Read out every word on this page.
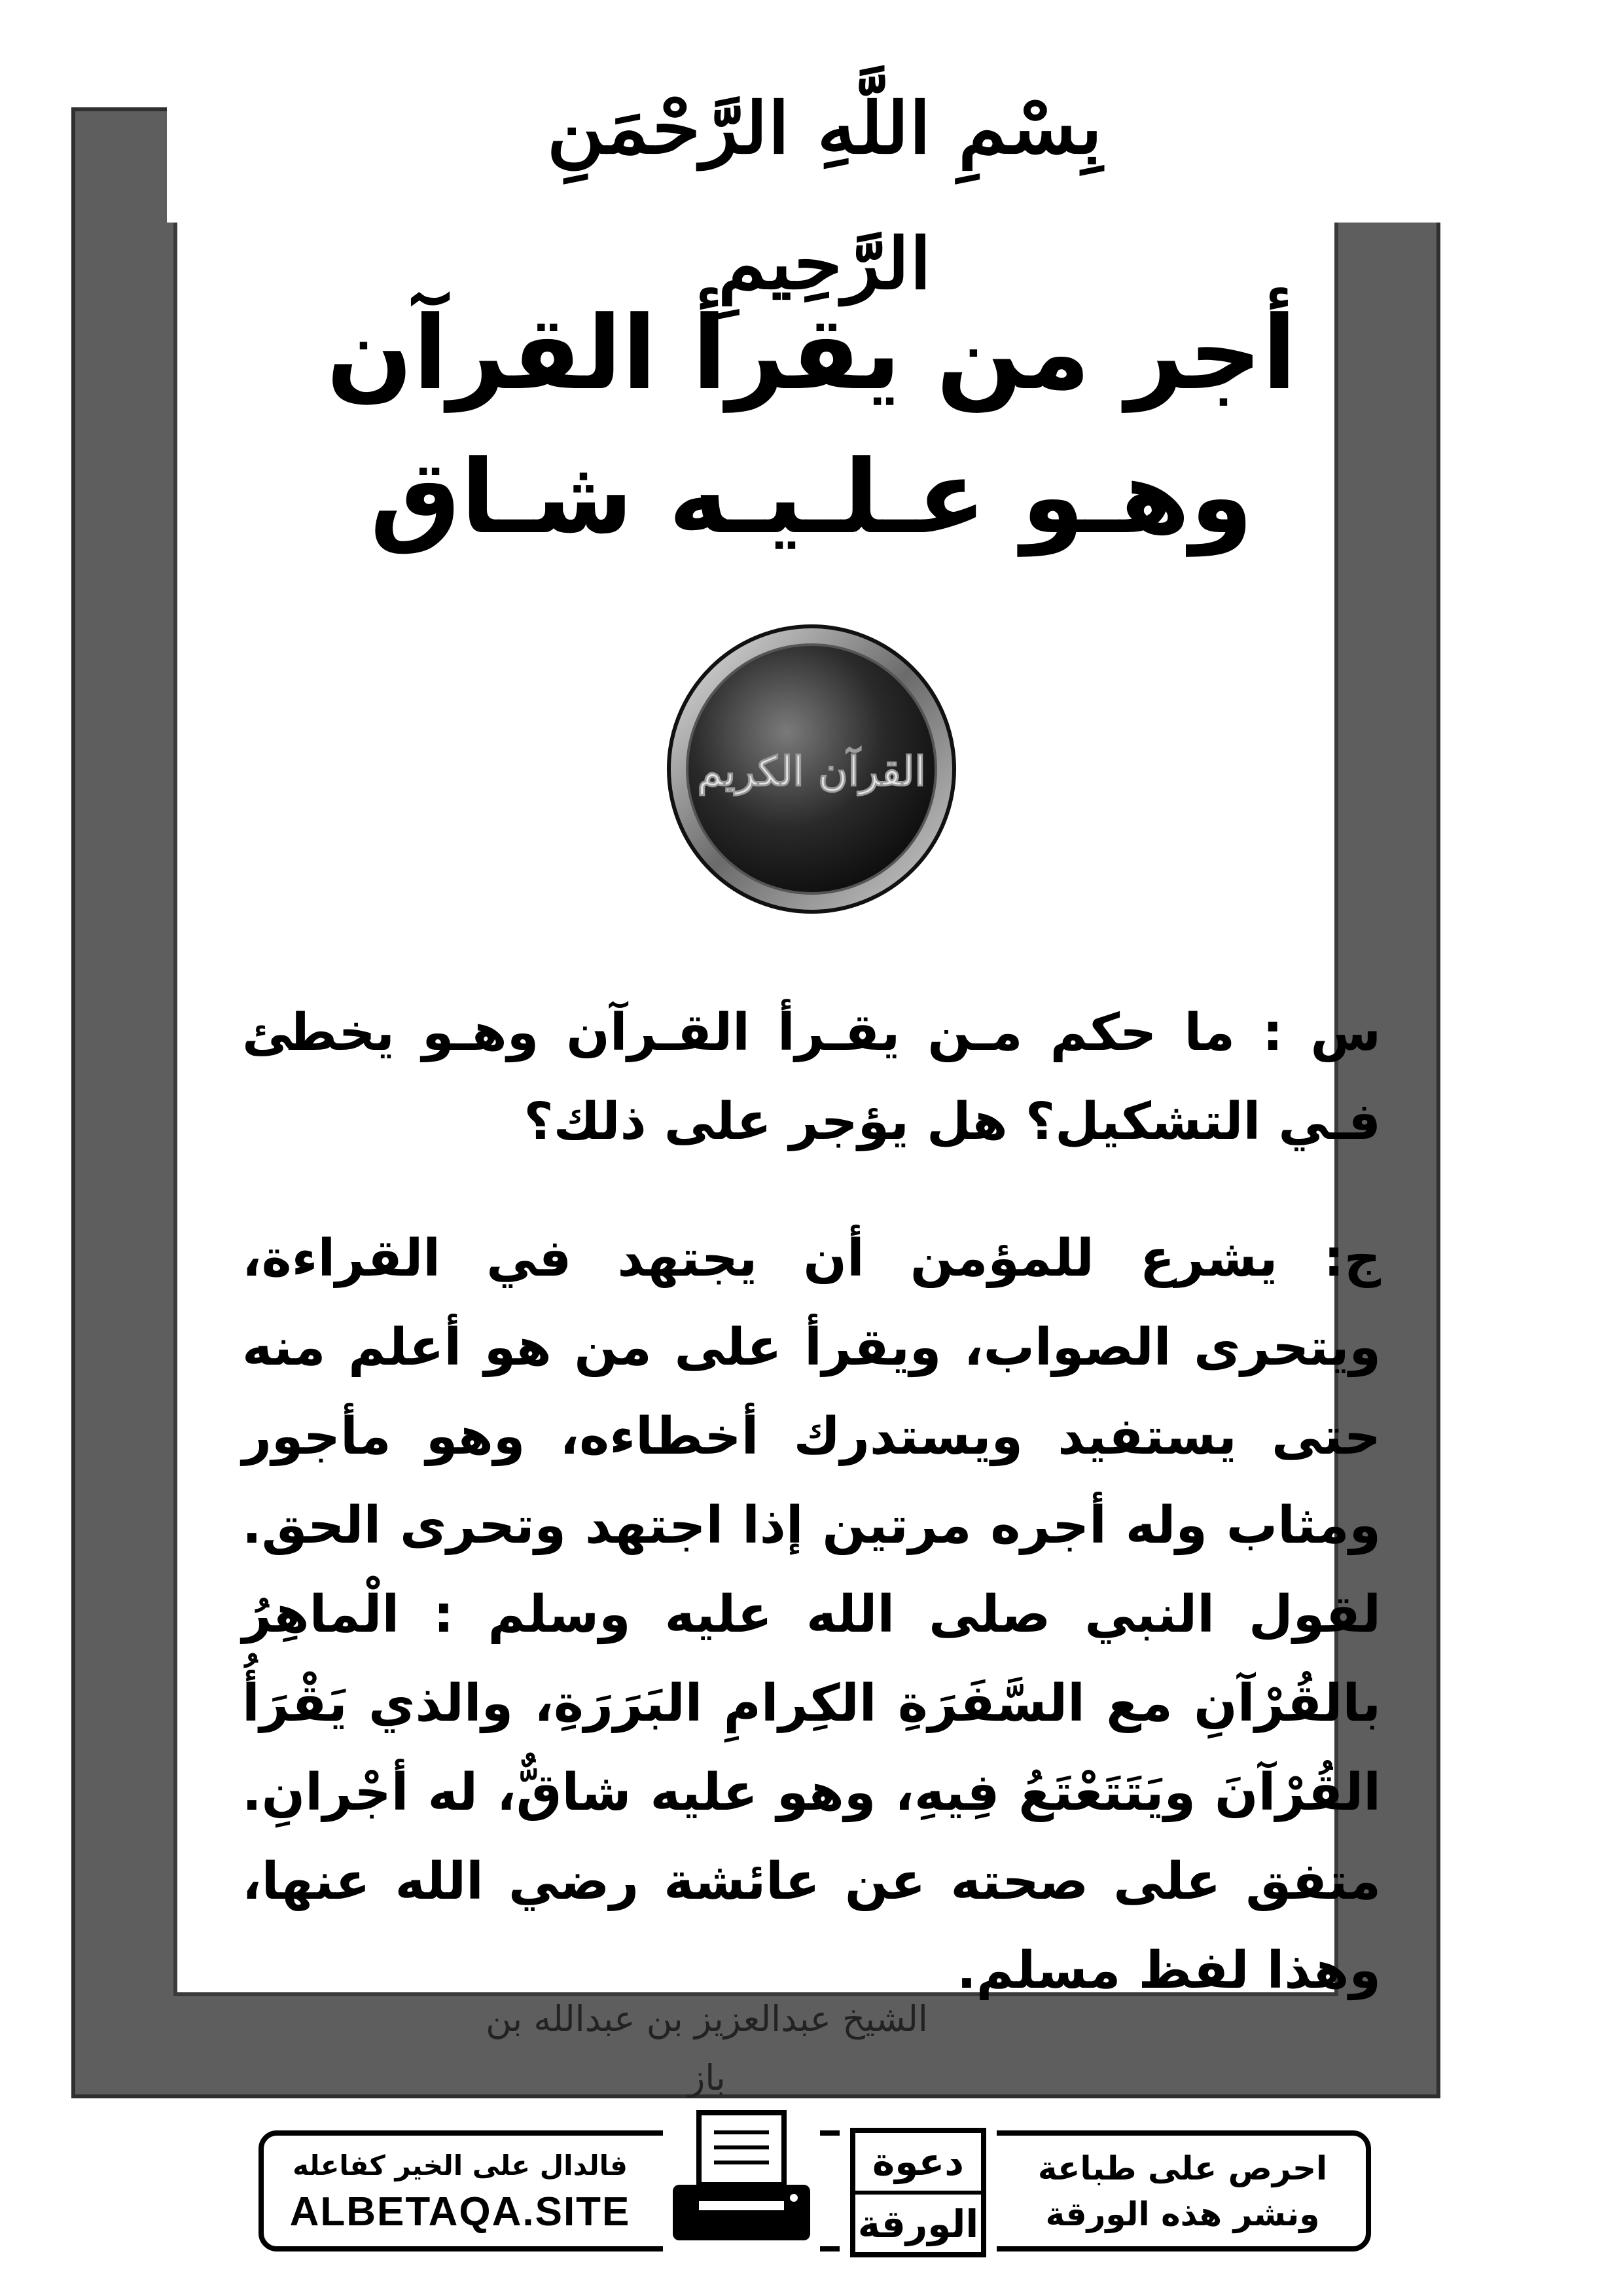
بِسْمِ اللَّهِ الرَّحْمَنِ الرَّحِيمِ
أجر من يقرأ القرآن
وهـو عـلـيـه شـاق
القرآن الكريم
س : ما حكم مـن يقـرأ القـرآن وهـو يخطئ فـي التشكيل؟ هل يؤجر على ذلك؟
ج: يشرع للمؤمن أن يجتهد في القراءة، ويتحرى الصواب، ويقرأ على من هو أعلم منه حتى يستفيد ويستدرك أخطاءه، وهو مأجور ومثاب وله أجره مرتين إذا اجتهد وتحرى الحق. لقول النبي صلى الله عليه وسلم : الْماهِرُ بالقُرْآنِ مع السَّفَرَةِ الكِرامِ البَرَرَةِ، والذي يَقْرَأُ القُرْآنَ ويَتَتَعْتَعُ فِيهِ، وهو عليه شاقٌّ، له أجْرانِ. متفق على صحته عن عائشة رضي الله عنها، وهذا لفظ مسلم.
الشيخ عبدالعزيز بن عبدالله بن باز
احرص على طباعة
ونشر هذه الورقة
دعوة
الورقة
فالدال على الخير كفاعله
ALBETAQA.SITE
